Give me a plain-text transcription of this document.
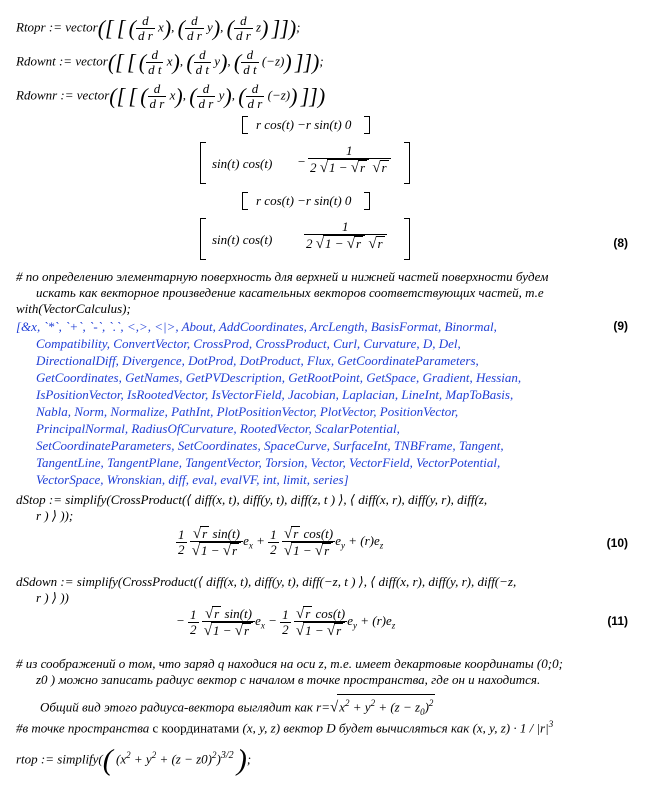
Rtopr := vector([ [ ( $\frac{d}{\text{d r}} x$), ( $\frac{d}{\text{d r}} y$), ( $\frac{d}{\text{d r}} z$) ]]);
Rdownt := vector([ [ ( $\frac{d}{\text{d t}} x$), ( $\frac{d}{\text{d t}} y$), ( $\frac{d}{\text{d t}} (-z)$) ]]);
Rdownr := vector([ [ ( $\frac{d}{\text{d r}} x$), ( $\frac{d}{\text{d r}} y$), ( $\frac{d}{\text{d r}} (-z)$) ]])
r cos(t) −r sin(t) 0
sin(t) $\cos(t) - \frac{1}{2 √1 - √r √r}$
r cos(t) −r sin(t) 0
sin(t) $\cos(t) \frac{1}{2 √1 - √r √r}$	(8)
# по определению элементарную поверхность для верхней и нижней частей поверхности будем
искать как векторное произведение касательных векторов соответствующих частей, т.е
with(VectorCalculus);
[&x, `*`, `+`, `-`, `.`, <,>, <|>, About, AddCoordinates, ArcLength, BasisFormat, Binormal,
Compatibility, ConvertVector, CrossProd, CrossProduct, Curl, Curvature, D, Del,
DirectionalDiff, Divergence, DotProd, DotProduct, Flux, GetCoordinateParameters,
GetCoordinates, GetNames, GetPVDescription, GetRootPoint, GetSpace, Gradient, Hessian,
IsPositionVector, IsRootedVector, IsVectorField, Jacobian, Laplacian, LineInt, MapToBasis,
Nabla, Norm, Normalize, PathInt, PlotPositionVector, PlotVector, PositionVector,
PrincipalNormal, RadiusOfCurvature, RootedVector, ScalarPotential,
SetCoordinateParameters, SetCoordinates, SpaceCurve, SurfaceInt, TNBFrame, Tangent,
TangentLine, TangentPlane, TangentVector, Torsion, Vector, VectorField, VectorPotential,
VectorSpace, Wronskian, diff, eval, evalVF, int, limit, series]
(9)
dStop := simplify(CrossProduct(⟨ diff(x, t), diff(y, t), diff(z, t ) ⟩, ⟨ diff(x, r), diff(y, r), diff(z,
r ) ⟩ ));
$\frac{1}{2}$
$\frac{\text{√r sin(t)}}{√1 - √r} e_x + \frac{1}{2}$
$\frac{\text{√r cos(t)}}{√1 - √r} e_y + (r)e_z$	(10)
dSdown := simplify(CrossProduct(⟨ diff(x, t), diff(y, t), diff(−z, t ) ⟩, ⟨ diff(x, r), diff(y, r), diff(−z,
r ) ⟩ ))
− $\frac{1}{2}$
$\frac{\text{√r sin(t)}}{√1 - √r} e_x - \frac{1}{2}$
$\frac{\text{√r cos(t)}}{√1 - √r} e_y + (r)e_z$	(11)
# из соображений о том, что заряд q находися на оси z, т.е. имеет декартовые координаты (0;0;
z0 ) можно записать радиус вектор с началом в точке пространства, где он и находится.
Общий вид этого радиуса-вектора выглядит как $r=√x^2 + y^2 + (z - z_0)^2$
#в точке пространства с координатами (x, y, z) вектор D будет вычисляться как (x, y, $z) \cdot 1 / |r|^3$
rtop := simplify(( $(x^2 + y^2 + (z - z0)^2)^{3/2}$ );
